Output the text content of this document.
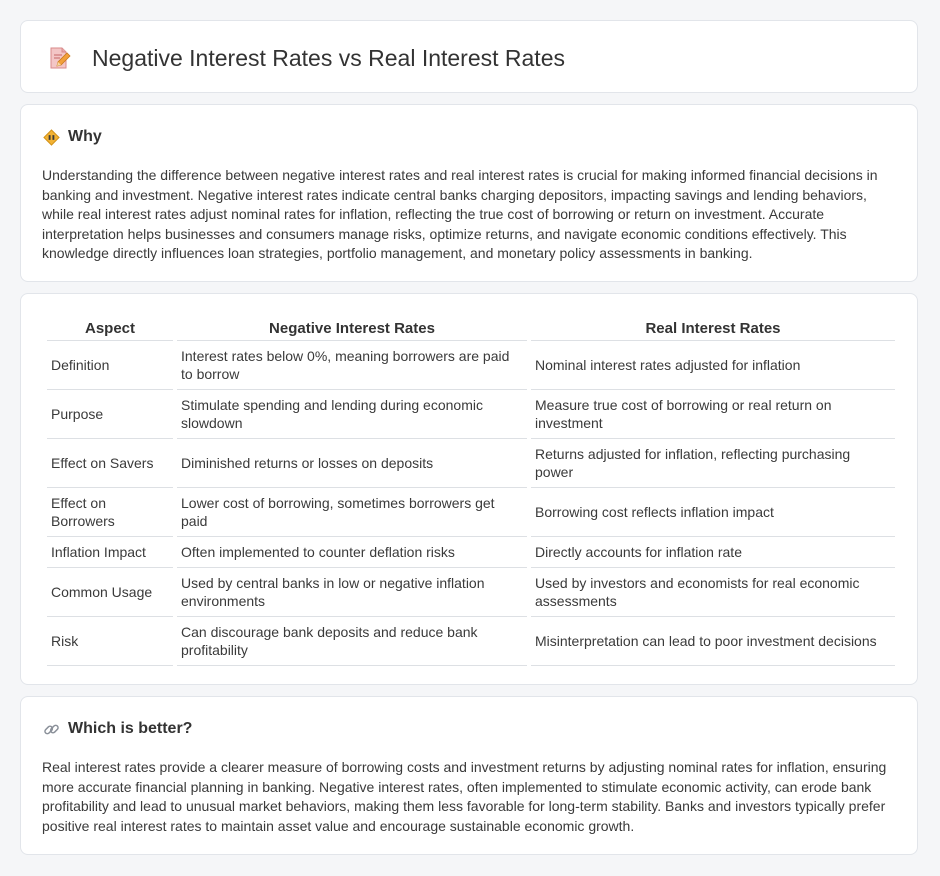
Negative Interest Rates vs Real Interest Rates
Why

Understanding the difference between negative interest rates and real interest rates is crucial for making informed financial decisions in banking and investment. Negative interest rates indicate central banks charging depositors, impacting savings and lending behaviors, while real interest rates adjust nominal rates for inflation, reflecting the true cost of borrowing or return on investment. Accurate interpretation helps businesses and consumers manage risks, optimize returns, and navigate economic conditions effectively. This knowledge directly influences loan strategies, portfolio management, and monetary policy assessments in banking.

Aspect	Negative Interest Rates	Real Interest Rates
Definition	Interest rates below 0%, meaning borrowers are paid to borrow	Nominal interest rates adjusted for inflation
Purpose	Stimulate spending and lending during economic slowdown	Measure true cost of borrowing or real return on investment
Effect on Savers	Diminished returns or losses on deposits	Returns adjusted for inflation, reflecting purchasing power
Effect on Borrowers	Lower cost of borrowing, sometimes borrowers get paid	Borrowing cost reflects inflation impact
Inflation Impact	Often implemented to counter deflation risks	Directly accounts for inflation rate
Common Usage	Used by central banks in low or negative inflation environments	Used by investors and economists for real economic assessments
Risk	Can discourage bank deposits and reduce bank profitability	Misinterpretation can lead to poor investment decisions
Which is better?

Real interest rates provide a clearer measure of borrowing costs and investment returns by adjusting nominal rates for inflation, ensuring more accurate financial planning in banking. Negative interest rates, often implemented to stimulate economic activity, can erode bank profitability and lead to unusual market behaviors, making them less favorable for long-term stability. Banks and investors typically prefer positive real interest rates to maintain asset value and encourage sustainable economic growth.
